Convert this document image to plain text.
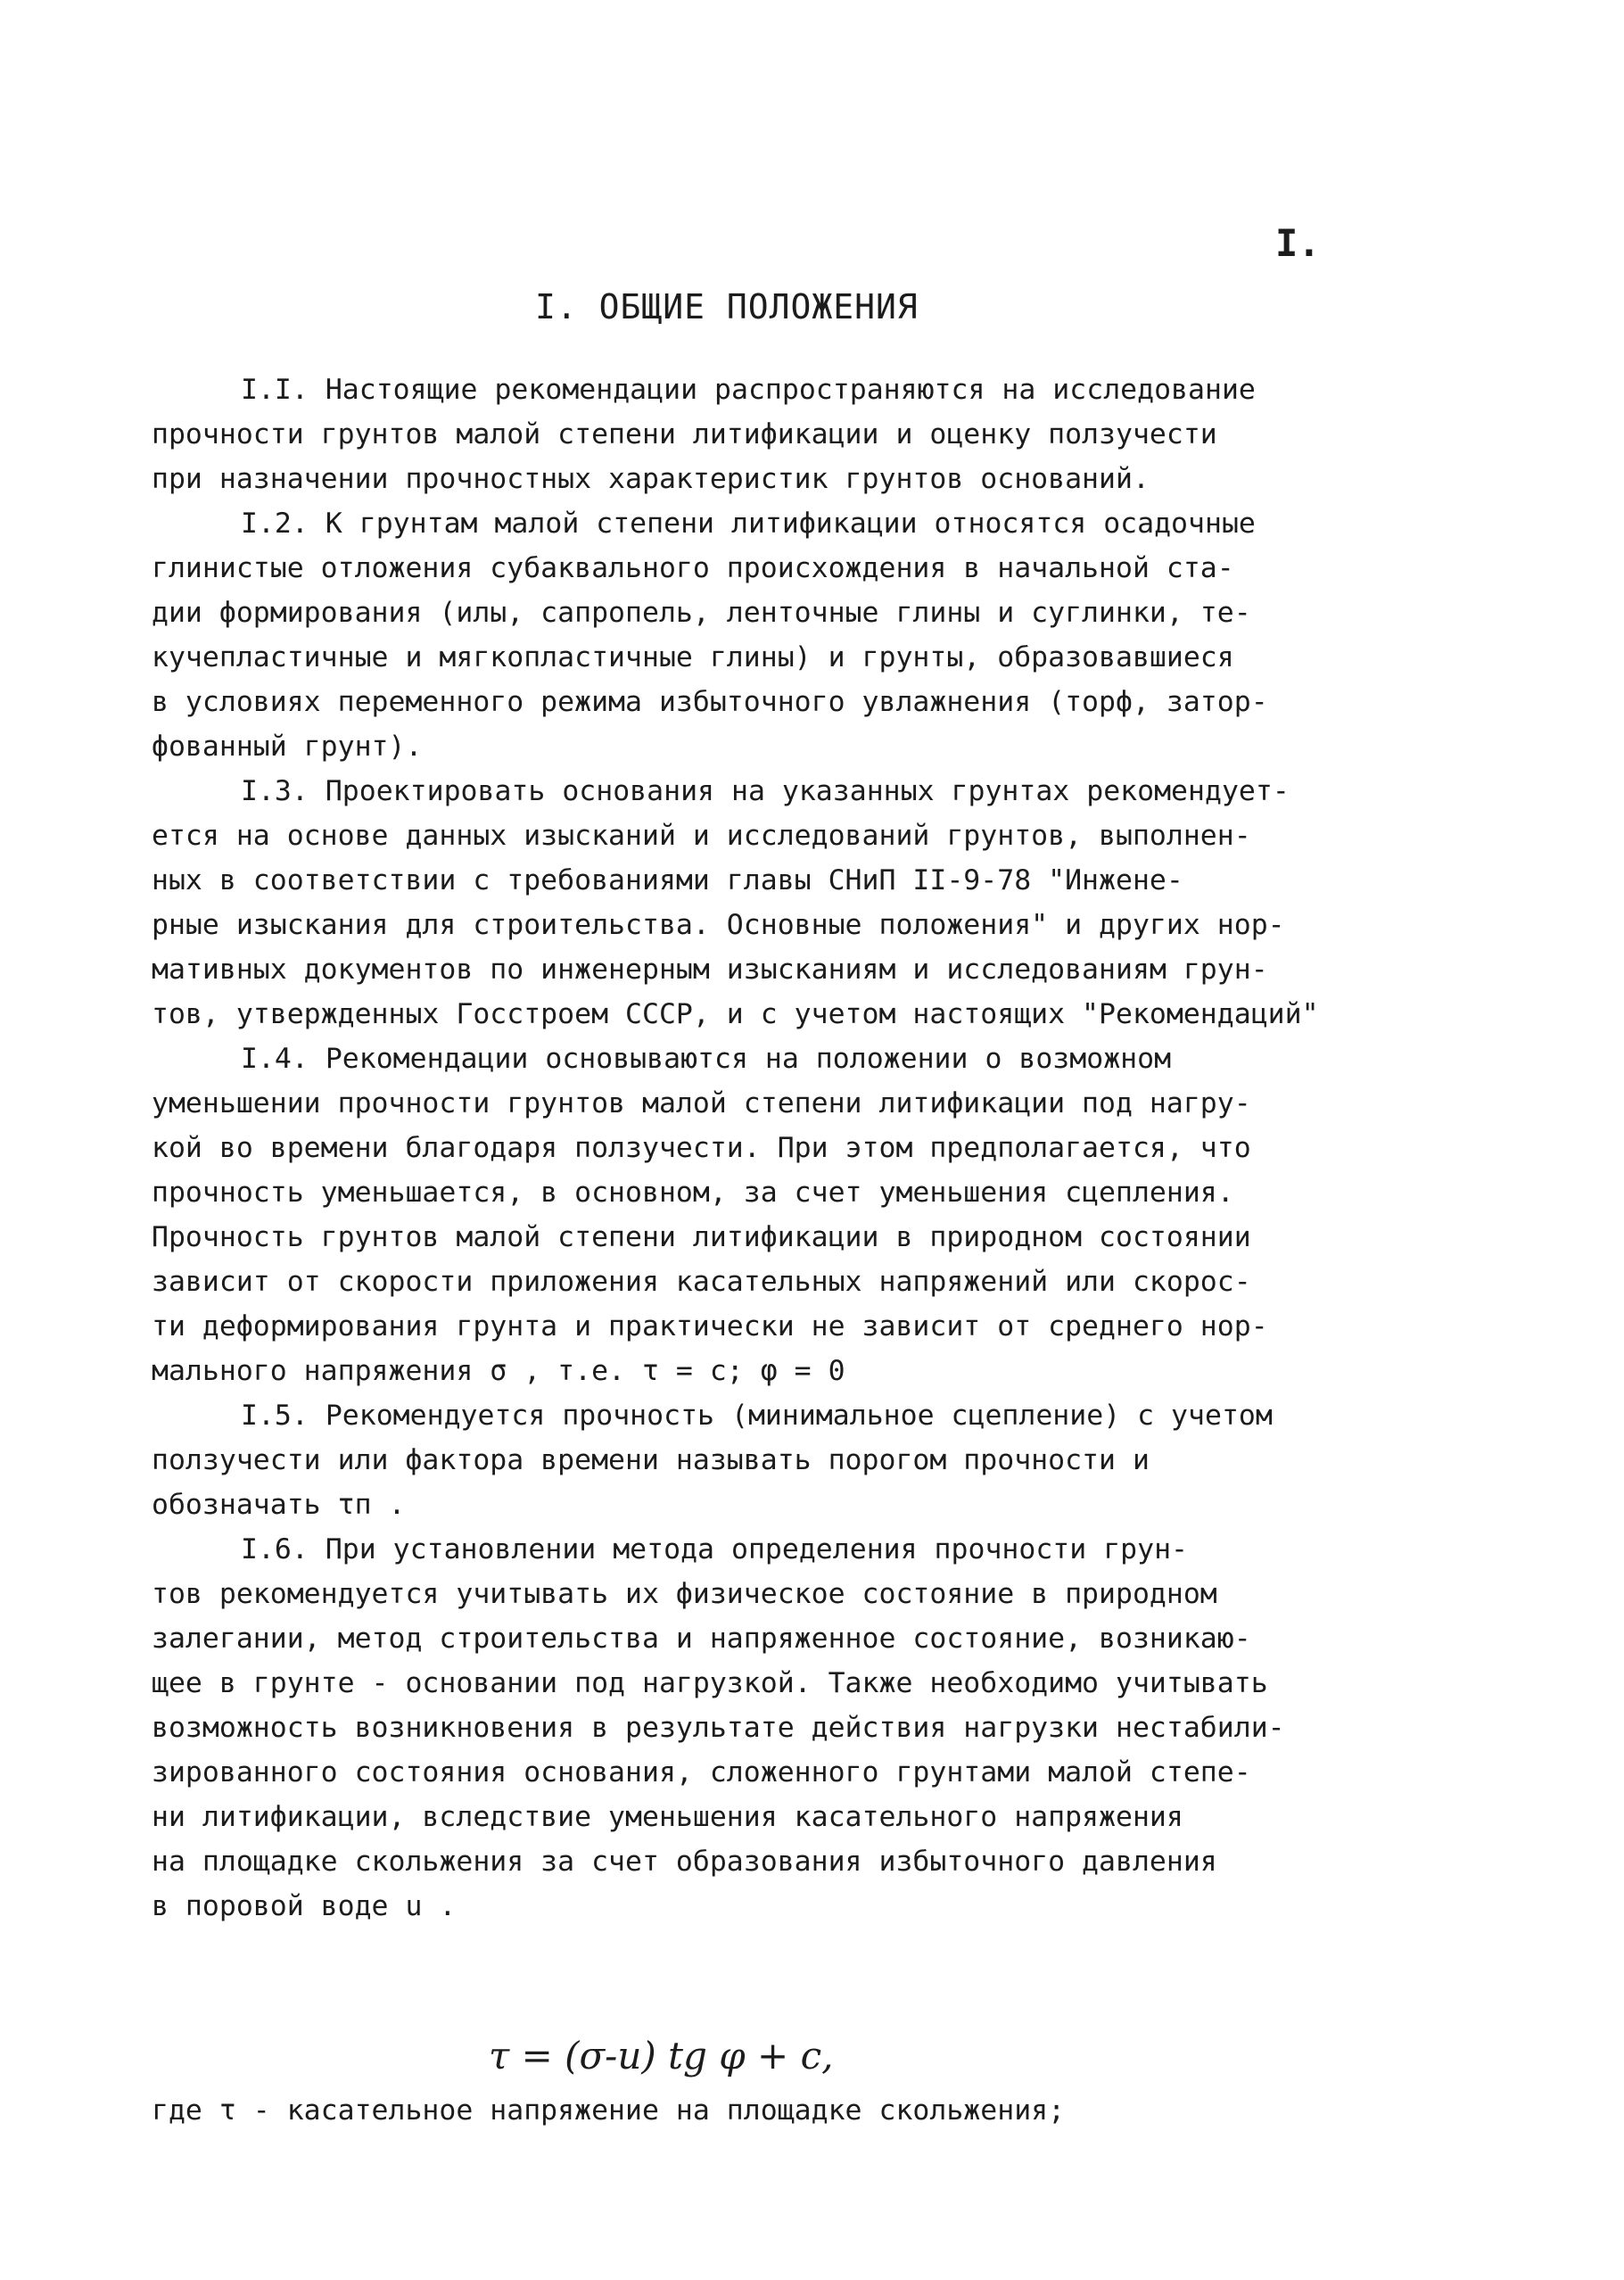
I.
I. ОБЩИЕ ПОЛОЖЕНИЯ
I.I. Настоящие рекомендации распространяются на исследование
прочности грунтов малой степени литификации и оценку ползучести
при назначении прочностных характеристик грунтов оснований.
I.2. К грунтам малой степени литификации относятся осадочные
глинистые отложения субаквального происхождения в начальной ста-
дии формирования (илы, сапропель, ленточные глины и суглинки, те-
кучепластичные и мягкопластичные глины) и грунты, образовавшиеся
в условиях переменного режима избыточного увлажнения (торф, затор-
фованный грунт).
I.3. Проектировать основания на указанных грунтах рекомендует-
ется на основе данных изысканий и исследований грунтов, выполнен-
ных в соответствии с требованиями главы СНиП II-9-78 "Инжене-
рные изыскания для строительства. Основные положения" и других нор-
мативных документов по инженерным изысканиям и исследованиям грун-
тов, утвержденных Госстроем СССР, и с учетом настоящих "Рекомендаций"
I.4. Рекомендации основываются на положении о возможном
уменьшении прочности грунтов малой степени литификации под нагру-
кой во времени благодаря ползучести. При этом предполагается, что
прочность уменьшается, в основном, за счет уменьшения сцепления.
Прочность грунтов малой степени литификации в природном состоянии
зависит от скорости приложения касательных напряжений или скорос-
ти деформирования грунта и практически не зависит от среднего нор-
мального напряжения σ , т.е. τ = c; φ = 0
I.5. Рекомендуется прочность (минимальное сцепление) с учетом
ползучести или фактора времени называть порогом прочности и
обозначать τп .
I.6. При установлении метода определения прочности грун-
тов рекомендуется учитывать их физическое состояние в природном
залегании, метод строительства и напряженное состояние, возникаю-
щее в грунте - основании под нагрузкой. Также необходимо учитывать
возможность возникновения в результате действия нагрузки нестабили-
зированного состояния основания, сложенного грунтами малой степе-
ни литификации, вследствие уменьшения касательного напряжения
на площадке скольжения за счет образования избыточного давления
в поровой воде u .
τ = (σ-u) tg φ + c,
где τ - касательное напряжение на площадке скольжения;
